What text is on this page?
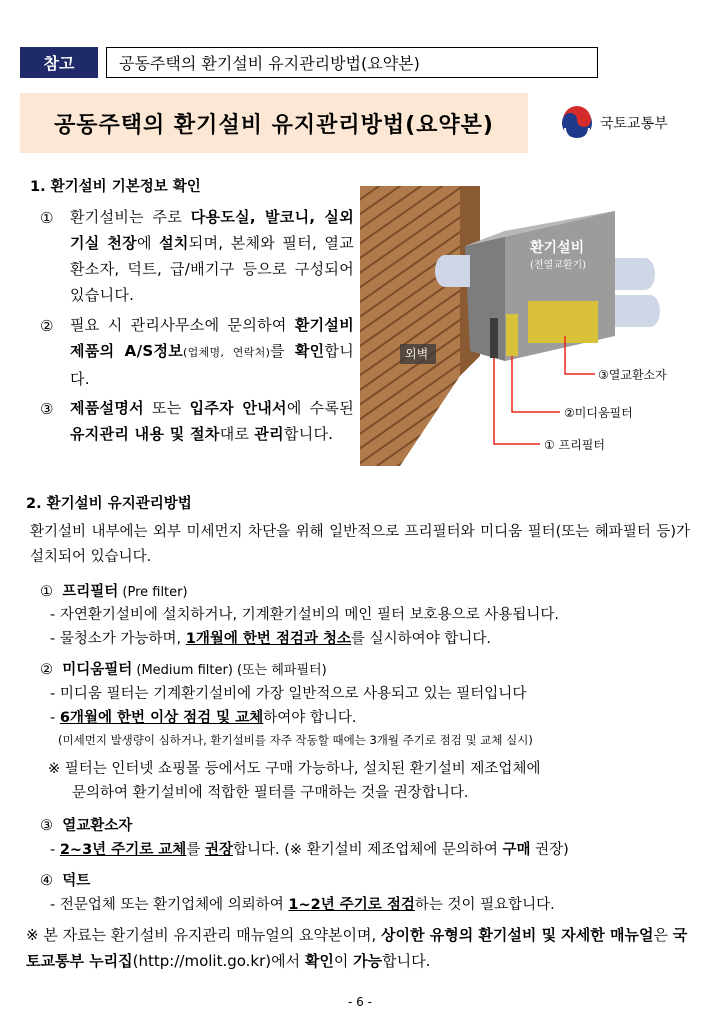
참고	공동주택의 환기설비 유지관리방법(요약본)
공동주택의 환기설비 유지관리방법(요약본)	국토교통부
1. 환기설비 기본정보 확인
① 환기설비는 주로 다용도실, 발코니, 실외기실 천장에 설치되며, 본체와 필터, 열교환소자, 덕트, 급/배기구 등으로 구성되어 있습니다.
② 필요 시 관리사무소에 문의하여 환기설비 제품의 A/S정보(업체명, 연락처)를 확인합니다.
③ 제품설명서 또는 입주자 안내서에 수록된 유지관리 내용 및 절차대로 관리합니다.
환기설비
(전열교환기)
외벽
③열교환소자
②미디움필터
① 프리필터
2. 환기설비 유지관리방법
환기설비 내부에는 외부 미세먼지 차단을 위해 일반적으로 프리필터와 미디움 필터(또는 헤파필터 등)가 설치되어 있습니다.
① 프리필터 (Pre filter)
- 자연환기설비에 설치하거나, 기계환기설비의 메인 필터 보호용으로 사용됩니다.
- 물청소가 가능하며, 1개월에 한번 점검과 청소를 실시하여야 합니다.
② 미디움필터 (Medium filter) (또는 헤파필터)
- 미디움 필터는 기계환기설비에 가장 일반적으로 사용되고 있는 필터입니다
- 6개월에 한번 이상 점검 및 교체하여야 합니다.
(미세먼지 발생량이 심하거나, 환기설비를 자주 작동할 때에는 3개월 주기로 점검 및 교체 실시)
※ 필터는 인터넷 쇼핑몰 등에서도 구매 가능하나, 설치된 환기설비 제조업체에
문의하여 환기설비에 적합한 필터를 구매하는 것을 권장합니다.
③ 열교환소자
- 2~3년 주기로 교체를 권장합니다. (※ 환기설비 제조업체에 문의하여 구매 권장)
④ 덕트
- 전문업체 또는 환기업체에 의뢰하여 1~2년 주기로 점검하는 것이 필요합니다.
※ 본 자료는 환기설비 유지관리 매뉴얼의 요약본이며, 상이한 유형의 환기설비 및 자세한 매뉴얼은 국토교통부 누리집(http://molit.go.kr)에서 확인이 가능합니다.
- 6 -
